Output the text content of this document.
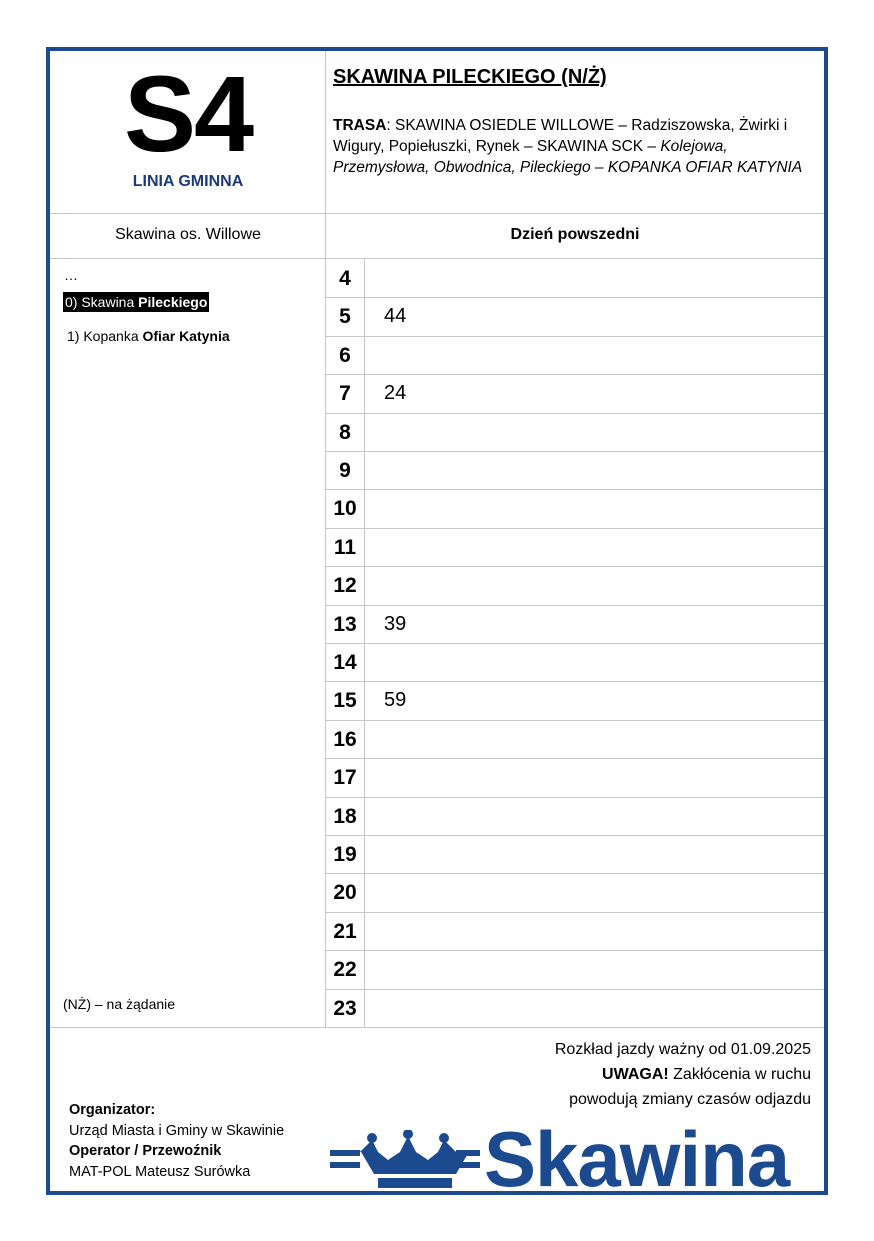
S4
LINIA GMINNA
SKAWINA PILECKIEGO (N/Ż)
TRASA: SKAWINA OSIEDLE WILLOWE – Radziszowska, Żwirki i Wigury, Popiełuszki, Rynek – SKAWINA SCK – Kolejowa, Przemysłowa, Obwodnica, Pileckiego – KOPANKA OFIAR KATYNIA
Skawina os. Willowe	Dzień powszedni
…
0) Skawina Pileckiego
1) Kopanka Ofiar Katynia
(NŻ) – na żądanie
4
5	44
6
7	24
8
9
10
11
12
13	39
14
15	59
16
17
18
19
20
21
22
23
Rozkład jazdy ważny od 01.09.2025
UWAGA! Zakłócenia w ruchu
powodują zmiany czasów odjazdu
Organizator:
Urząd Miasta i Gminy w Skawinie
Operator / Przewoźnik
MAT-POL Mateusz Surówka	Skawina
